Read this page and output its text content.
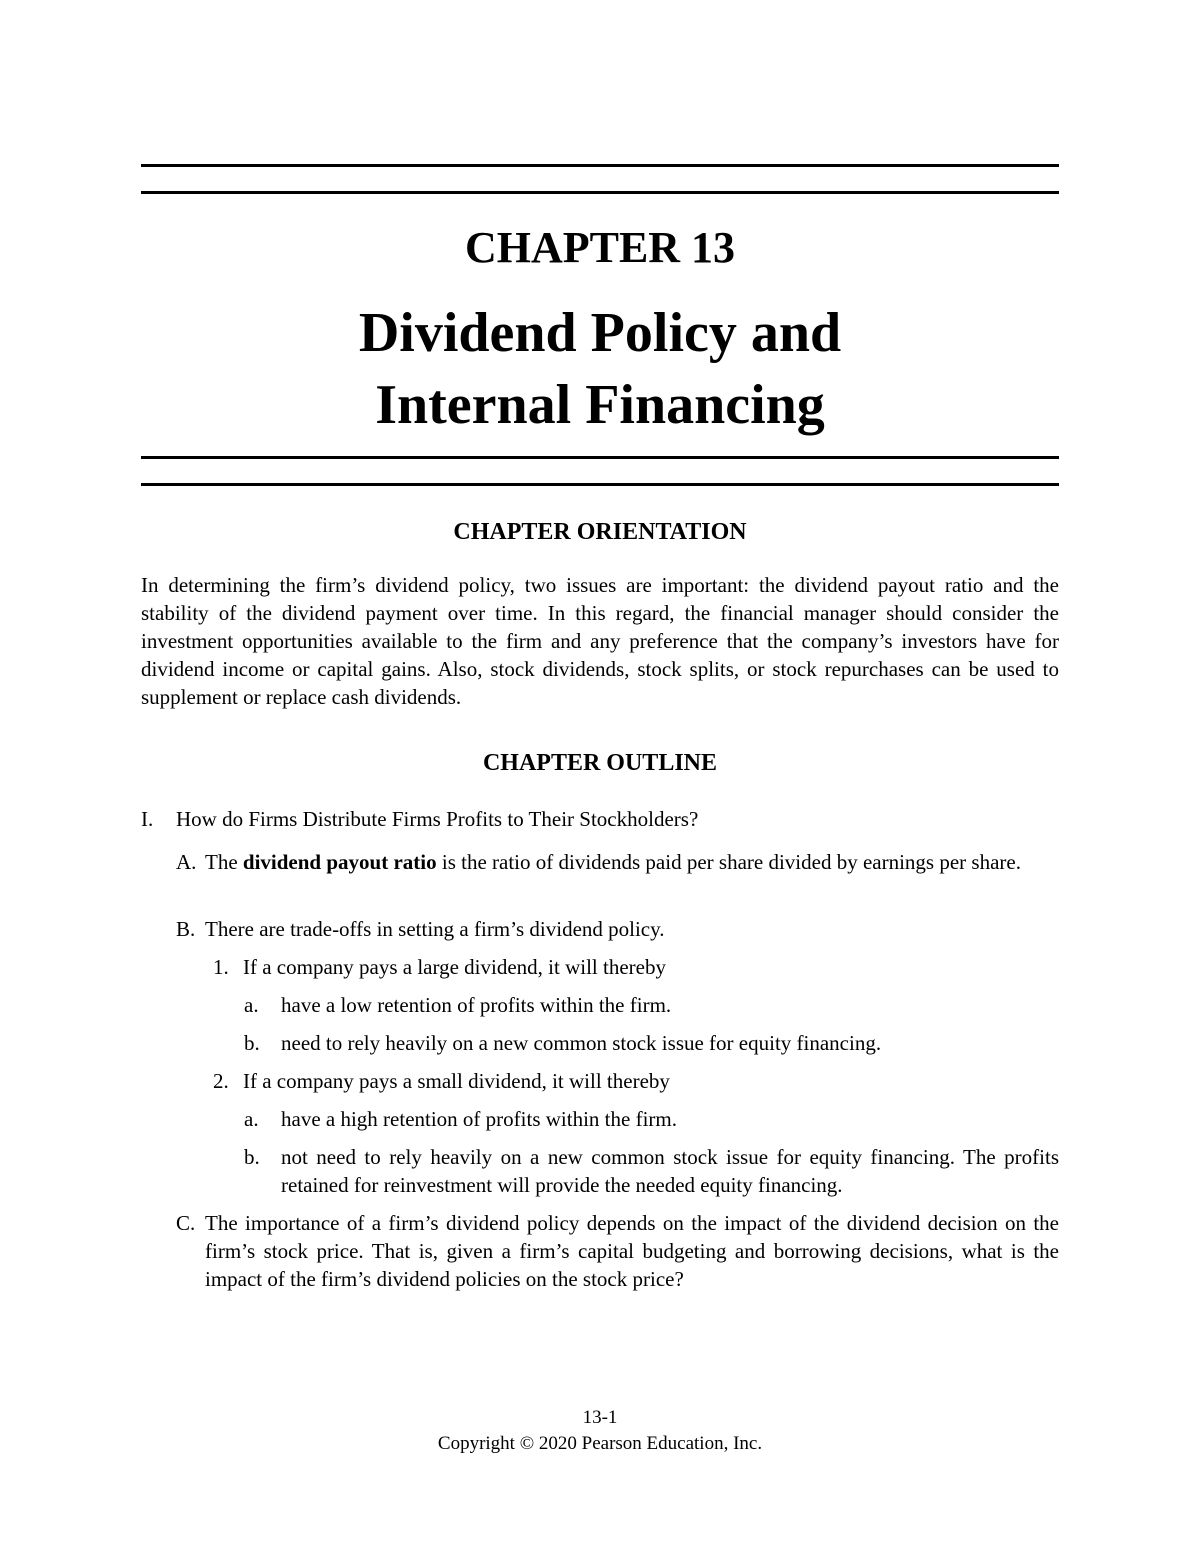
CHAPTER 13
Dividend Policy and
Internal Financing
CHAPTER ORIENTATION
In determining the firm’s dividend policy, two issues are important: the dividend payout ratio and the stability of the dividend payment over time. In this regard, the financial manager should consider the investment opportunities available to the firm and any preference that the company’s investors have for dividend income or capital gains. Also, stock dividends, stock splits, or stock repurchases can be used to supplement or replace cash dividends.
CHAPTER OUTLINE
I. How do Firms Distribute Firms Profits to Their Stockholders?
A. The dividend payout ratio is the ratio of dividends paid per share divided by earnings per share.
B. There are trade-offs in setting a firm’s dividend policy.
1. If a company pays a large dividend, it will thereby
a. have a low retention of profits within the firm.
b. need to rely heavily on a new common stock issue for equity financing.
2. If a company pays a small dividend, it will thereby
a. have a high retention of profits within the firm.
b. not need to rely heavily on a new common stock issue for equity financing. The profits retained for reinvestment will provide the needed equity financing.
C. The importance of a firm’s dividend policy depends on the impact of the dividend decision on the firm’s stock price. That is, given a firm’s capital budgeting and borrowing decisions, what is the impact of the firm’s dividend policies on the stock price?
13-1
Copyright © 2020 Pearson Education, Inc.
